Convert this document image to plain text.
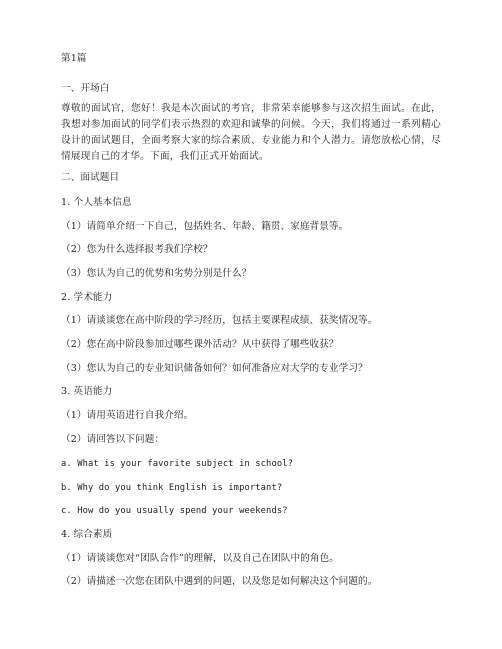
第1篇
一、开场白
尊敬的面试官，您好！我是本次面试的考官，非常荣幸能够参与这次招生面试。在此，我想对参加面试的同学们表示热烈的欢迎和诚挚的问候。今天，我们将通过一系列精心设计的面试题目，全面考察大家的综合素质、专业能力和个人潜力。请您放松心情，尽情展现自己的才华。下面，我们正式开始面试。
二、面试题目
1. 个人基本信息
（1）请简单介绍一下自己，包括姓名、年龄、籍贯、家庭背景等。
（2）您为什么选择报考我们学校？
（3）您认为自己的优势和劣势分别是什么？
2. 学术能力
（1）请谈谈您在高中阶段的学习经历，包括主要课程成绩、获奖情况等。
（2）您在高中阶段参加过哪些课外活动？从中获得了哪些收获？
（3）您认为自己的专业知识储备如何？如何准备应对大学的专业学习？
3. 英语能力
（1）请用英语进行自我介绍。
（2）请回答以下问题：
a. What is your favorite subject in school?
b. Why do you think English is important?
c. How do you usually spend your weekends?
4. 综合素质
（1）请谈谈您对“团队合作”的理解，以及自己在团队中的角色。
（2）请描述一次您在团队中遇到的问题，以及您是如何解决这个问题的。
